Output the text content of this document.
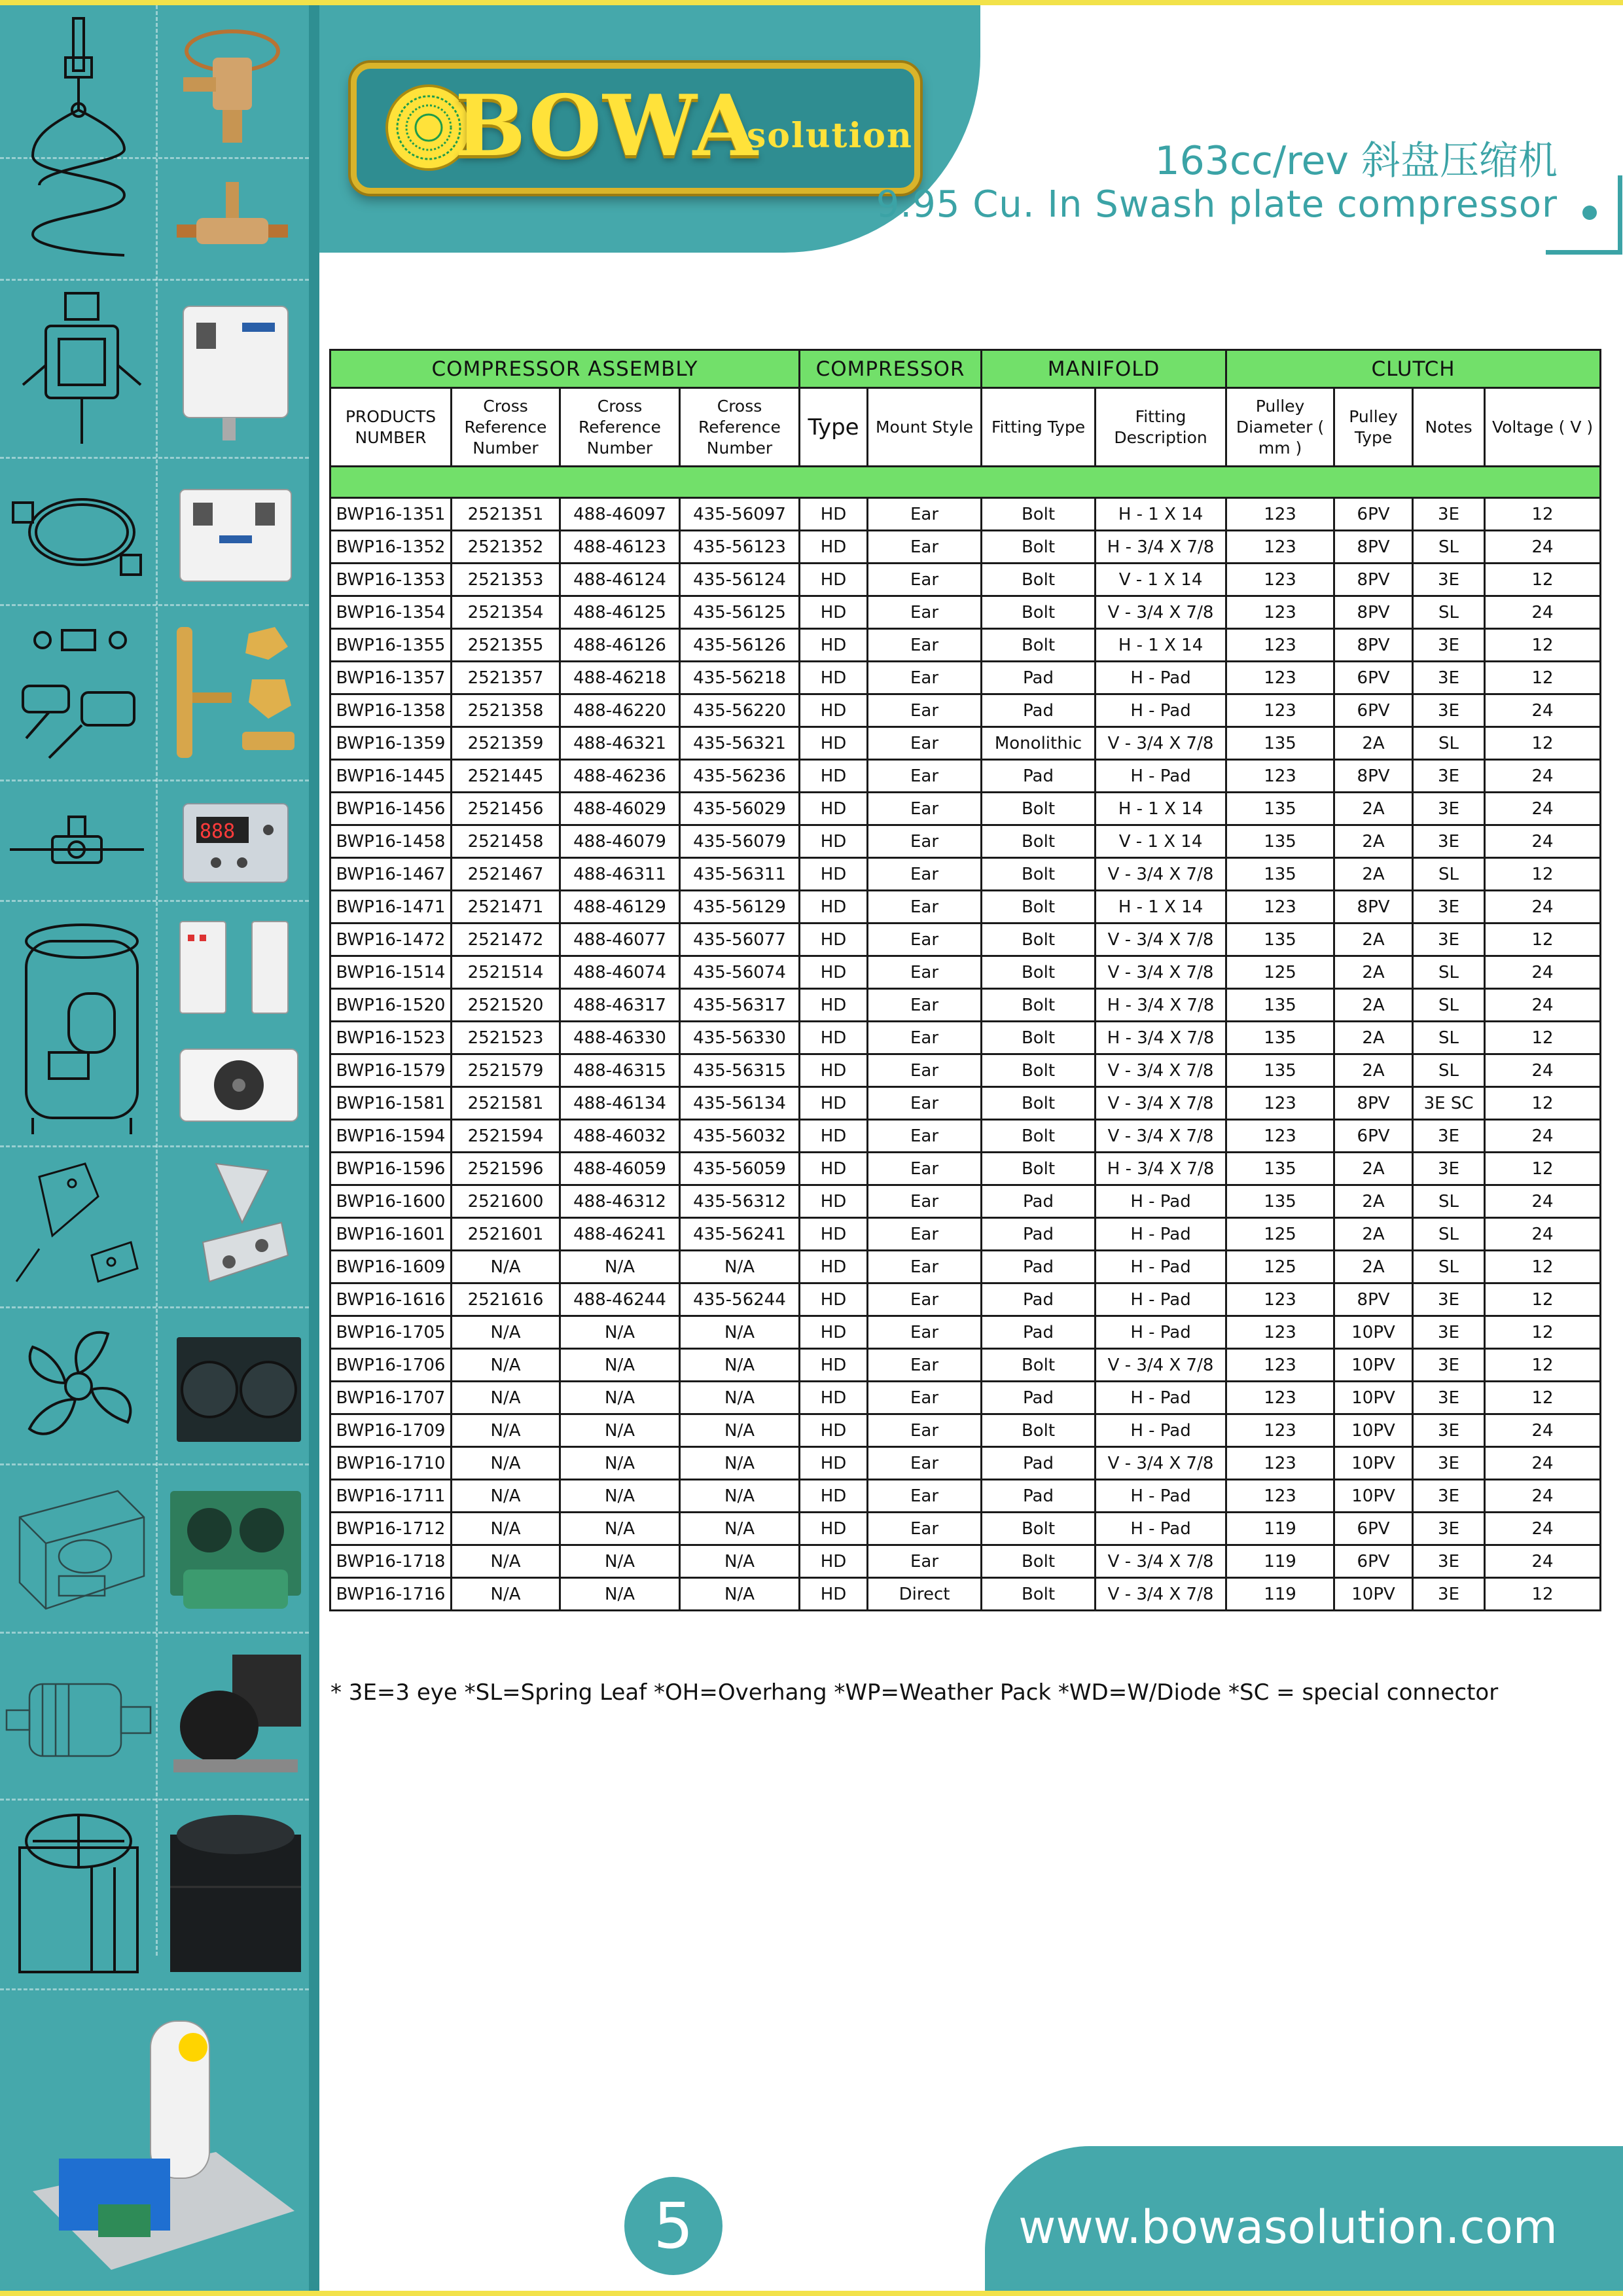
888
BOWA
solution
163cc/rev 斜盘压缩机
9.95 Cu. In Swash plate compressor
COMPRESSOR ASSEMBLY				COMPRESSOR		MANIFOLD		CLUTCH			
PRODUCTS NUMBER	Cross Reference Number	Cross Reference Number	Cross Reference Number	Type	Mount Style	Fitting Type	Fitting Description	Pulley Diameter ( mm )	Pulley Type	Notes	Voltage ( V )

BWP16-1351	2521351	488-46097	435-56097	HD	Ear	Bolt	H - 1 X 14	123	6PV	3E	12
BWP16-1352	2521352	488-46123	435-56123	HD	Ear	Bolt	H - 3/4 X 7/8	123	8PV	SL	24
BWP16-1353	2521353	488-46124	435-56124	HD	Ear	Bolt	V - 1 X 14	123	8PV	3E	12
BWP16-1354	2521354	488-46125	435-56125	HD	Ear	Bolt	V - 3/4 X 7/8	123	8PV	SL	24
BWP16-1355	2521355	488-46126	435-56126	HD	Ear	Bolt	H - 1 X 14	123	8PV	3E	12
BWP16-1357	2521357	488-46218	435-56218	HD	Ear	Pad	H - Pad	123	6PV	3E	12
BWP16-1358	2521358	488-46220	435-56220	HD	Ear	Pad	H - Pad	123	6PV	3E	24
BWP16-1359	2521359	488-46321	435-56321	HD	Ear	Monolithic	V - 3/4 X 7/8	135	2A	SL	12
BWP16-1445	2521445	488-46236	435-56236	HD	Ear	Pad	H - Pad	123	8PV	3E	24
BWP16-1456	2521456	488-46029	435-56029	HD	Ear	Bolt	H - 1 X 14	135	2A	3E	24
BWP16-1458	2521458	488-46079	435-56079	HD	Ear	Bolt	V - 1 X 14	135	2A	3E	24
BWP16-1467	2521467	488-46311	435-56311	HD	Ear	Bolt	V - 3/4 X 7/8	135	2A	SL	12
BWP16-1471	2521471	488-46129	435-56129	HD	Ear	Bolt	H - 1 X 14	123	8PV	3E	24
BWP16-1472	2521472	488-46077	435-56077	HD	Ear	Bolt	V - 3/4 X 7/8	135	2A	3E	12
BWP16-1514	2521514	488-46074	435-56074	HD	Ear	Bolt	V - 3/4 X 7/8	125	2A	SL	24
BWP16-1520	2521520	488-46317	435-56317	HD	Ear	Bolt	H - 3/4 X 7/8	135	2A	SL	24
BWP16-1523	2521523	488-46330	435-56330	HD	Ear	Bolt	H - 3/4 X 7/8	135	2A	SL	12
BWP16-1579	2521579	488-46315	435-56315	HD	Ear	Bolt	V - 3/4 X 7/8	135	2A	SL	24
BWP16-1581	2521581	488-46134	435-56134	HD	Ear	Bolt	V - 3/4 X 7/8	123	8PV	3E SC	12
BWP16-1594	2521594	488-46032	435-56032	HD	Ear	Bolt	V - 3/4 X 7/8	123	6PV	3E	24
BWP16-1596	2521596	488-46059	435-56059	HD	Ear	Bolt	H - 3/4 X 7/8	135	2A	3E	12
BWP16-1600	2521600	488-46312	435-56312	HD	Ear	Pad	H - Pad	135	2A	SL	24
BWP16-1601	2521601	488-46241	435-56241	HD	Ear	Pad	H - Pad	125	2A	SL	24
BWP16-1609	N/A	N/A	N/A	HD	Ear	Pad	H - Pad	125	2A	SL	12
BWP16-1616	2521616	488-46244	435-56244	HD	Ear	Pad	H - Pad	123	8PV	3E	12
BWP16-1705	N/A	N/A	N/A	HD	Ear	Pad	H - Pad	123	10PV	3E	12
BWP16-1706	N/A	N/A	N/A	HD	Ear	Bolt	V - 3/4 X 7/8	123	10PV	3E	12
BWP16-1707	N/A	N/A	N/A	HD	Ear	Pad	H - Pad	123	10PV	3E	12
BWP16-1709	N/A	N/A	N/A	HD	Ear	Bolt	H - Pad	123	10PV	3E	24
BWP16-1710	N/A	N/A	N/A	HD	Ear	Pad	V - 3/4 X 7/8	123	10PV	3E	24
BWP16-1711	N/A	N/A	N/A	HD	Ear	Pad	H - Pad	123	10PV	3E	24
BWP16-1712	N/A	N/A	N/A	HD	Ear	Bolt	H - Pad	119	6PV	3E	24
BWP16-1718	N/A	N/A	N/A	HD	Ear	Bolt	V - 3/4 X 7/8	119	6PV	3E	24
BWP16-1716	N/A	N/A	N/A	HD	Direct	Bolt	V - 3/4 X 7/8	119	10PV	3E	12
* 3E=3 eye *SL=Spring Leaf *OH=Overhang *WP=Weather Pack *WD=W/Diode *SC = special connector
5	www.bowasolution.com
